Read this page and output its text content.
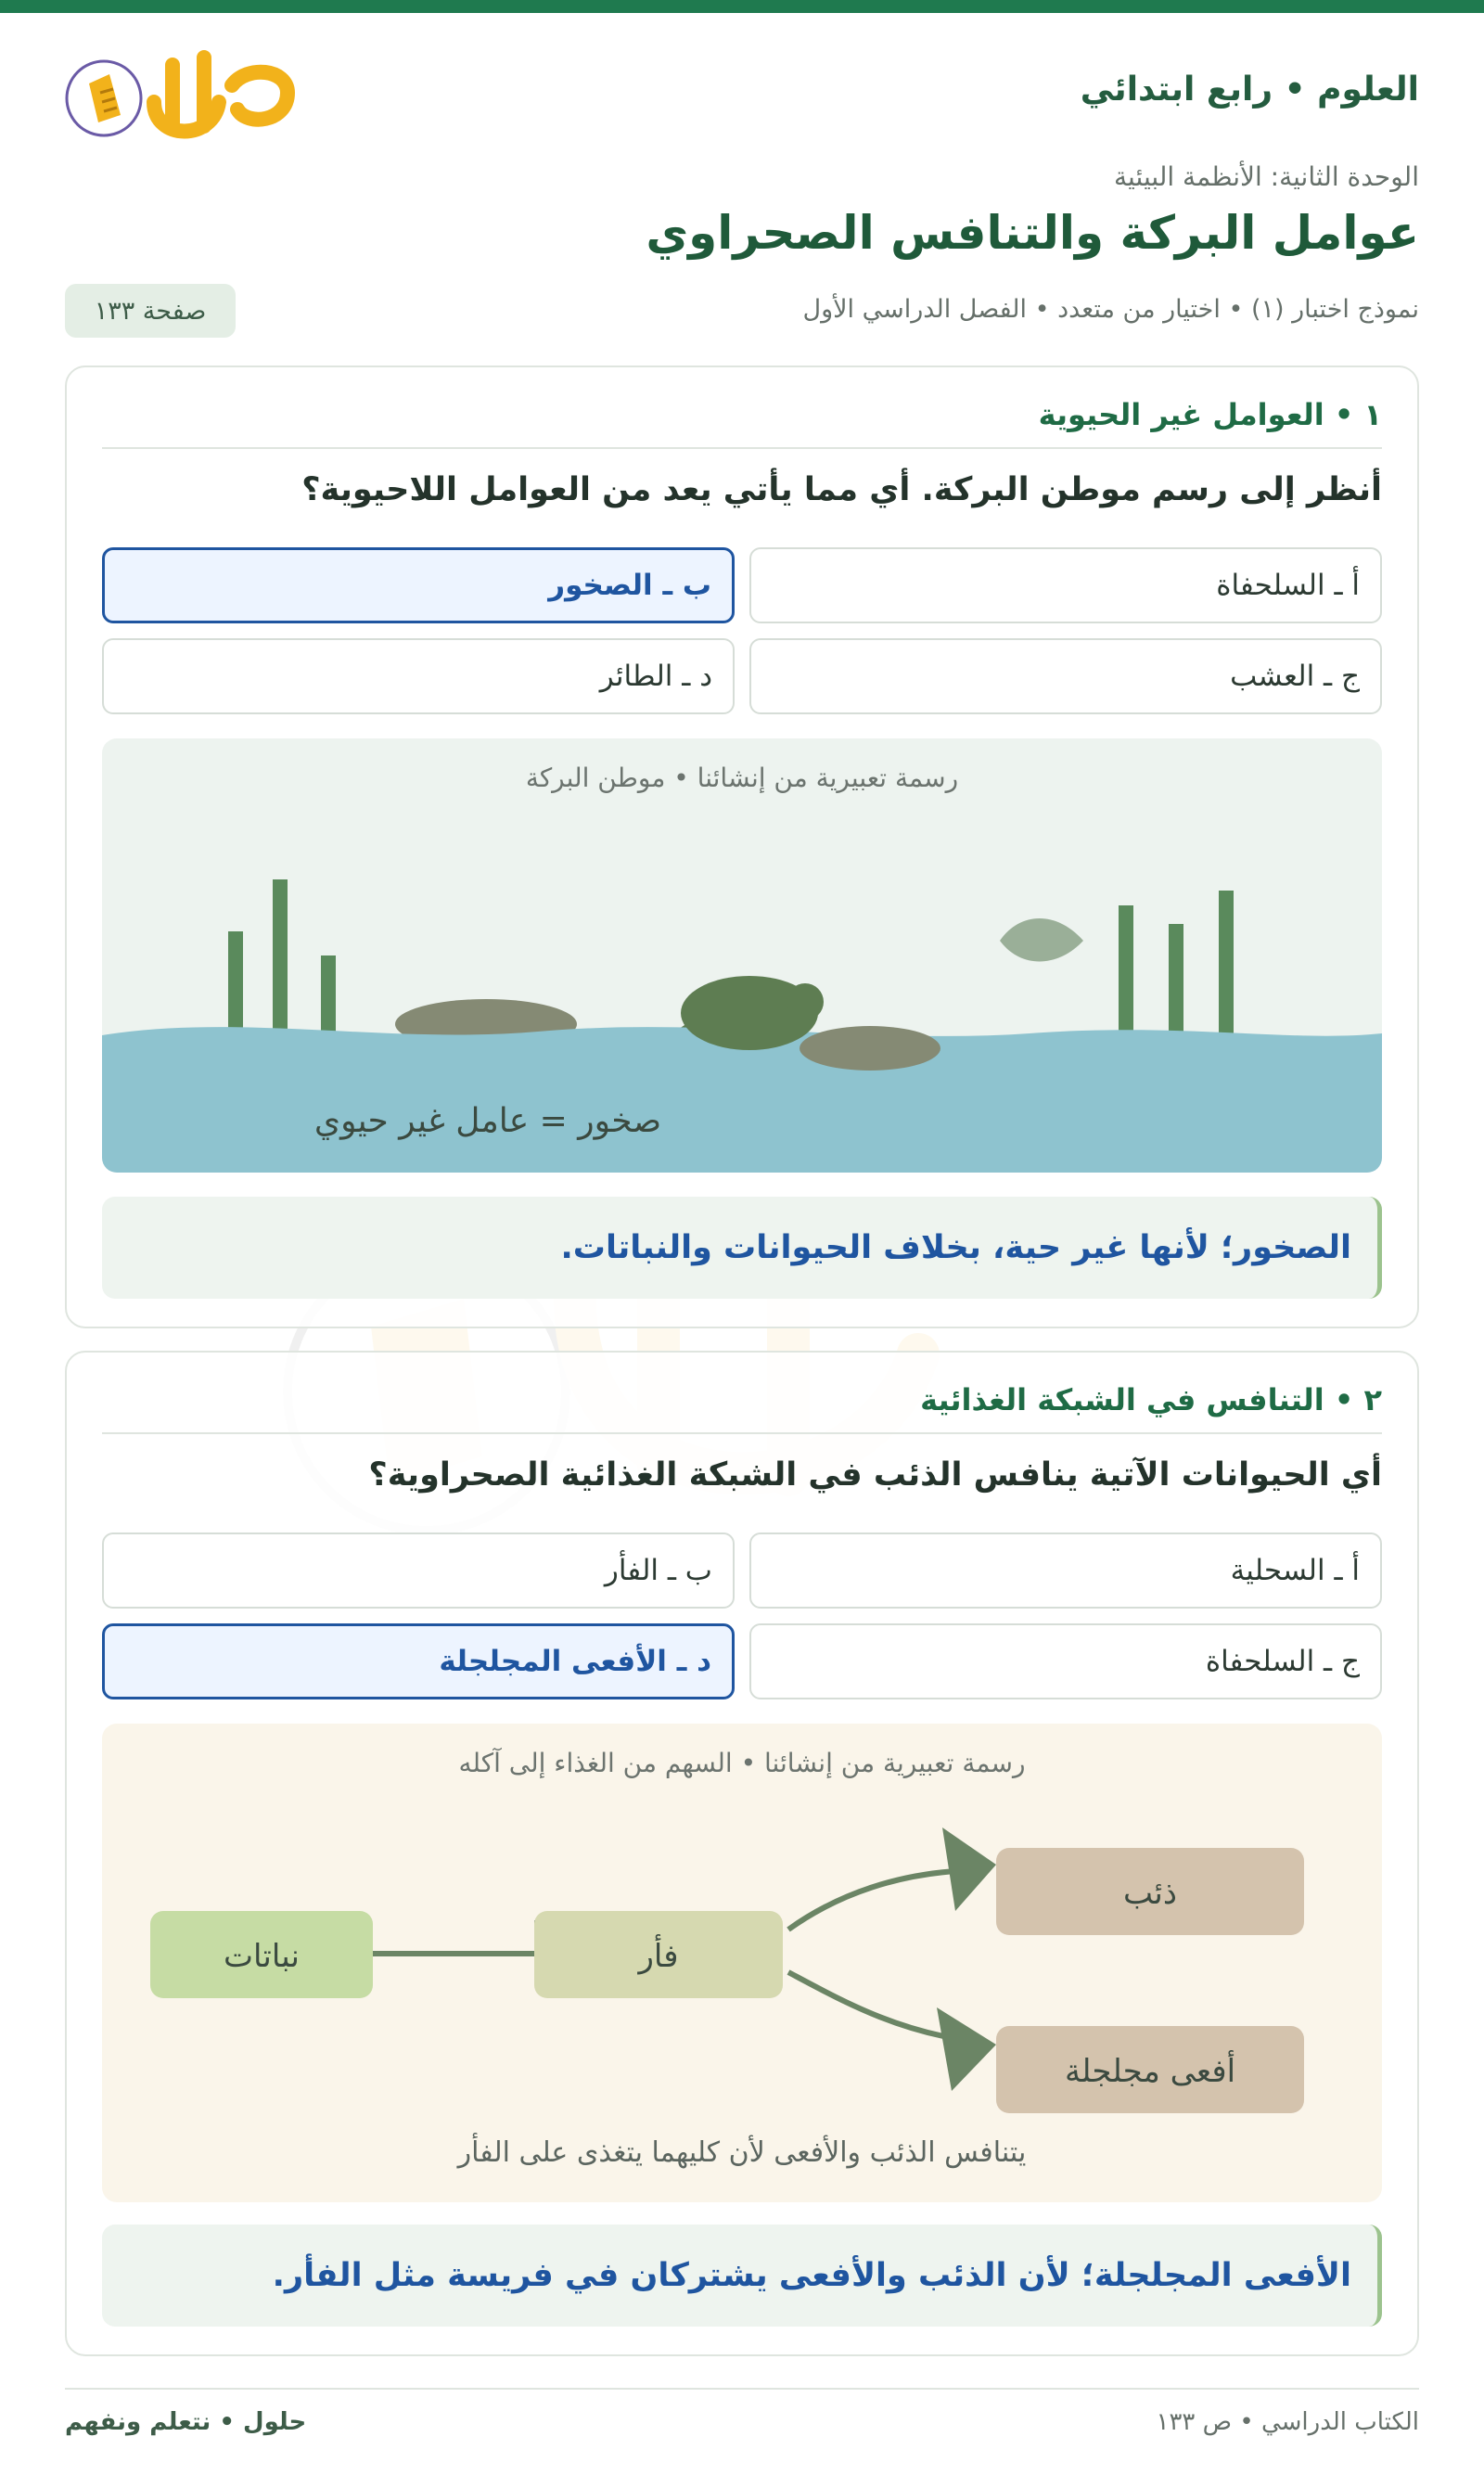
العلوم • رابع ابتدائي
الوحدة الثانية: الأنظمة البيئية
عوامل البركة والتنافس الصحراوي
نموذج اختبار (١) • اختيار من متعدد • الفصل الدراسي الأول
صفحة ١٣٣
١ • العوامل غير الحيوية

أنظر إلى رسم موطن البركة. أي مما يأتي يعد من العوامل اللاحيوية؟

أ ـ السلحفاة
ب ـ الصخور
ج ـ العشب
د ـ الطائر
صخور = عامل غير حيوي
رسمة تعبيرية من إنشائنا • موطن البركة
الصخور؛ لأنها غير حية، بخلاف الحيوانات والنباتات.
٢ • التنافس في الشبكة الغذائية

أي الحيوانات الآتية ينافس الذئب في الشبكة الغذائية الصحراوية؟

أ ـ السحلية
ب ـ الفأر
ج ـ السلحفاة
د ـ الأفعى المجلجلة
نباتات	فأر
ذئب
أفعى مجلجلة
يتنافس الذئب والأفعى لأن كليهما يتغذى على الفأر
رسمة تعبيرية من إنشائنا • السهم من الغذاء إلى آكله
الأفعى المجلجلة؛ لأن الذئب والأفعى يشتركان في فريسة مثل الفأر.
الكتاب الدراسي • ص ١٣٣
حلول • نتعلم ونفهم
